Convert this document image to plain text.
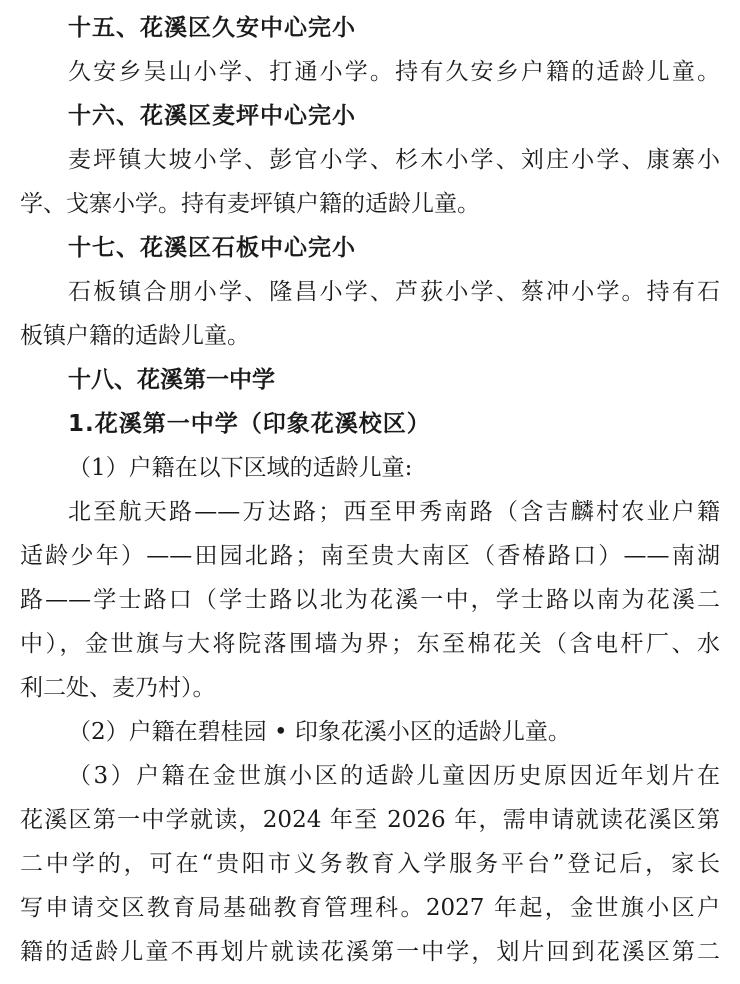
十五、花溪区久安中心完小
久安乡吴山小学、打通小学。持有久安乡户籍的适龄儿童。
十六、花溪区麦坪中心完小
麦坪镇大坡小学、彭官小学、杉木小学、刘庄小学、康寨小
学、戈寨小学。持有麦坪镇户籍的适龄儿童。
十七、花溪区石板中心完小
石板镇合朋小学、隆昌小学、芦荻小学、蔡冲小学。持有石
板镇户籍的适龄儿童。
十八、花溪第一中学
1.花溪第一中学（印象花溪校区）
（1）户籍在以下区域的适龄儿童:
北至航天路——万达路；西至甲秀南路（含吉麟村农业户籍
适龄少年）——田园北路；南至贵大南区（香椿路口）——南湖
路——学士路口（学士路以北为花溪一中，学士路以南为花溪二
中），金世旗与大将院落围墙为界；东至棉花关（含电杆厂、水
利二处、麦乃村）。
（2）户籍在碧桂园 • 印象花溪小区的适龄儿童。
（3）户籍在金世旗小区的适龄儿童因历史原因近年划片在
花溪区第一中学就读，2024 年至 2026 年，需申请就读花溪区第
二中学的，可在“贵阳市义务教育入学服务平台”登记后，家长
写申请交区教育局基础教育管理科。2027 年起，金世旗小区户
籍的适龄儿童不再划片就读花溪第一中学，划片回到花溪区第二
